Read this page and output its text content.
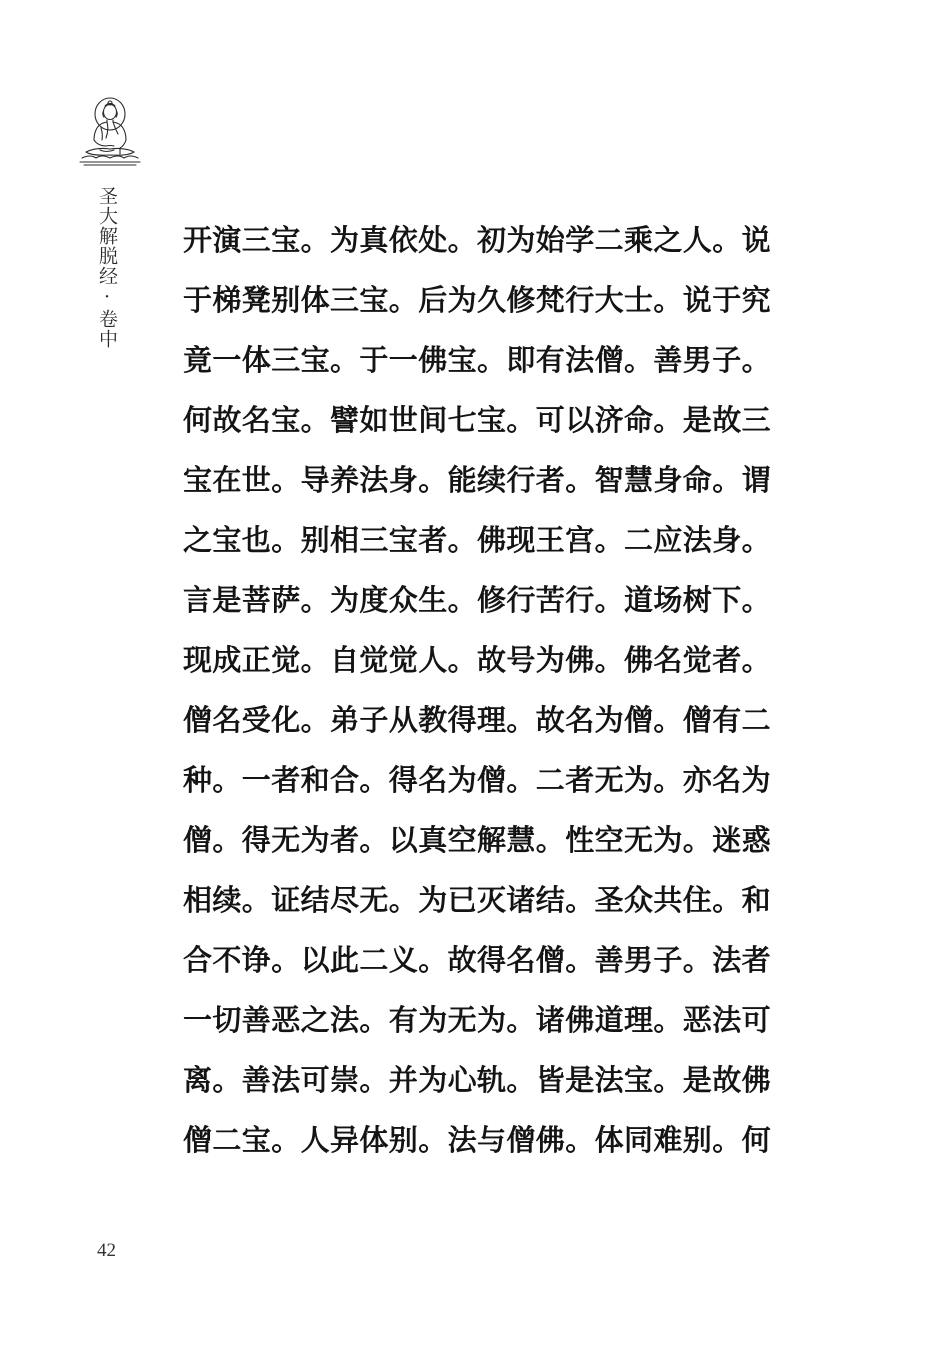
圣大解脱经·卷中 开演三宝。为真依处。初为始学二乘之人。说
于梯凳别体三宝。后为久修梵行大士。说于究
竟一体三宝。于一佛宝。即有法僧。善男子。
何故名宝。譬如世间七宝。可以济命。是故三
宝在世。导养法身。能续行者。智慧身命。谓
之宝也。别相三宝者。佛现王宫。二应法身。
言是菩萨。为度众生。修行苦行。道场树下。
现成正觉。自觉觉人。故号为佛。佛名觉者。
僧名受化。弟子从教得理。故名为僧。僧有二
种。一者和合。得名为僧。二者无为。亦名为
僧。得无为者。以真空解慧。性空无为。迷惑
相续。证结尽无。为已灭诸结。圣众共住。和
合不诤。以此二义。故得名僧。善男子。法者
一切善恶之法。有为无为。诸佛道理。恶法可
离。善法可崇。并为心轨。皆是法宝。是故佛
僧二宝。人异体别。法与僧佛。体同难别。何
42
